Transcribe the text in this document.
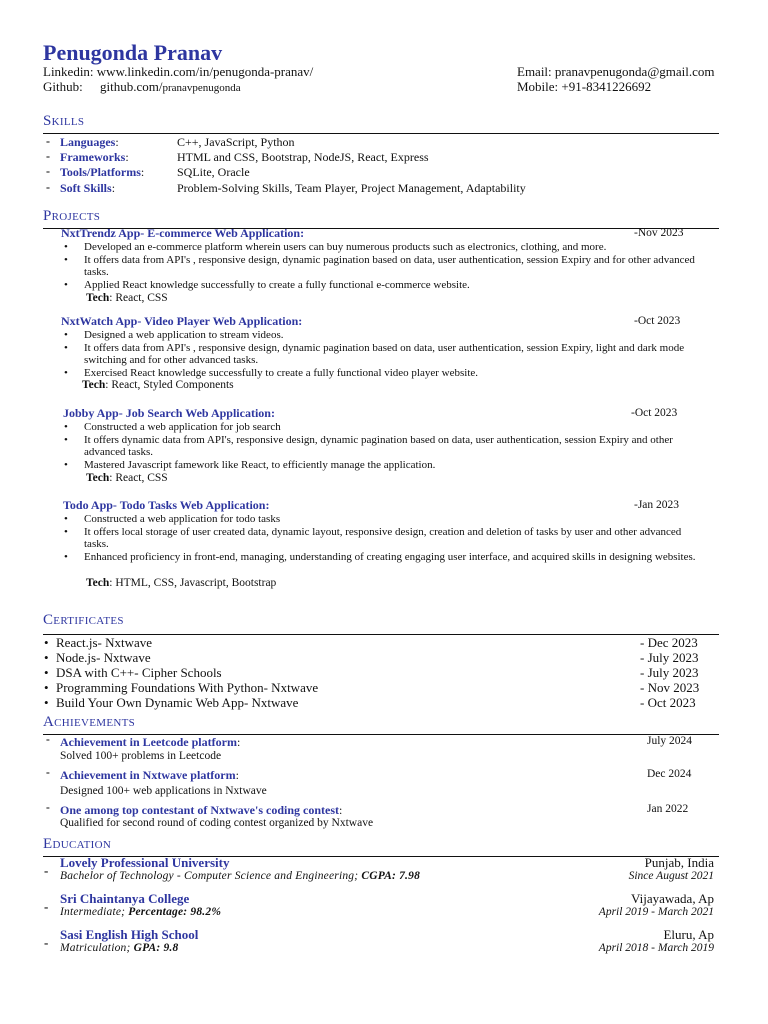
Penugonda Pranav
Linkedin: www.linkedin.com/in/penugonda-pranav/
Github: github.com/pranavpenugonda
Email: pranavpenugonda@gmail.com
Mobile: +91-8341226692
Skills
- Languages:	C++, JavaScript, Python
- Frameworks:	HTML and CSS, Bootstrap, NodeJS, React, Express
- Tools/Platforms:	SQLite, Oracle
- Soft Skills:	Problem-Solving Skills, Team Player, Project Management, Adaptability
Projects
NxtTrendz App- E-commerce Web Application:	-Nov 2023
• Developed an e-commerce platform wherein users can buy numerous products such as electronics, clothing, and more.
• It offers data from API's , responsive design, dynamic pagination based on data, user authentication, session Expiry and for other advanced tasks.
• Applied React knowledge successfully to create a fully functional e-commerce website.
Tech: React, CSS
NxtWatch App- Video Player Web Application:	-Oct 2023
• Designed a web application to stream videos.
• It offers data from API's , responsive design, dynamic pagination based on data, user authentication, session Expiry, light and dark mode switching and for other advanced tasks.
• Exercised React knowledge successfully to create a fully functional video player website.
Tech: React, Styled Components
Jobby App- Job Search Web Application:	-Oct 2023
• Constructed a web application for job search
• It offers dynamic data from API's, responsive design, dynamic pagination based on data, user authentication, session Expiry and other advanced tasks.
• Mastered Javascript famework like React, to efficiently manage the application.
Tech: React, CSS
Todo App- Todo Tasks Web Application:	-Jan 2023
• Constructed a web application for todo tasks
• It offers local storage of user created data, dynamic layout, responsive design, creation and deletion of tasks by user and other advanced tasks.
• Enhanced proficiency in front-end, managing, understanding of creating engaging user interface, and acquired skills in designing websites.
Tech: HTML, CSS, Javascript, Bootstrap
Certificates
• React.js- Nxtwave	- Dec 2023
• Node.js- Nxtwave	- July 2023
• DSA with C++- Cipher Schools	- July 2023
• Programming Foundations With Python- Nxtwave	- Nov 2023
• Build Your Own Dynamic Web App- Nxtwave	- Oct 2023
Achievements
- Achievement in Leetcode platform:	July 2024
Solved 100+ problems in Leetcode
- Achievement in Nxtwave platform:	Dec 2024
Designed 100+ web applications in Nxtwave
- One among top contestant of Nxtwave's coding contest:	Jan 2022
Qualified for second round of coding contest organized by Nxtwave
Education
-
Lovely Professional University	Punjab, India
Bachelor of Technology - Computer Science and Engineering; CGPA: 7.98	Since August 2021
-
Sri Chaintanya College	Vijayawada, Ap
Intermediate; Percentage: 98.2%	April 2019 - March 2021
-
Sasi English High School	Eluru, Ap
Matriculation; GPA: 9.8	April 2018 - March 2019
